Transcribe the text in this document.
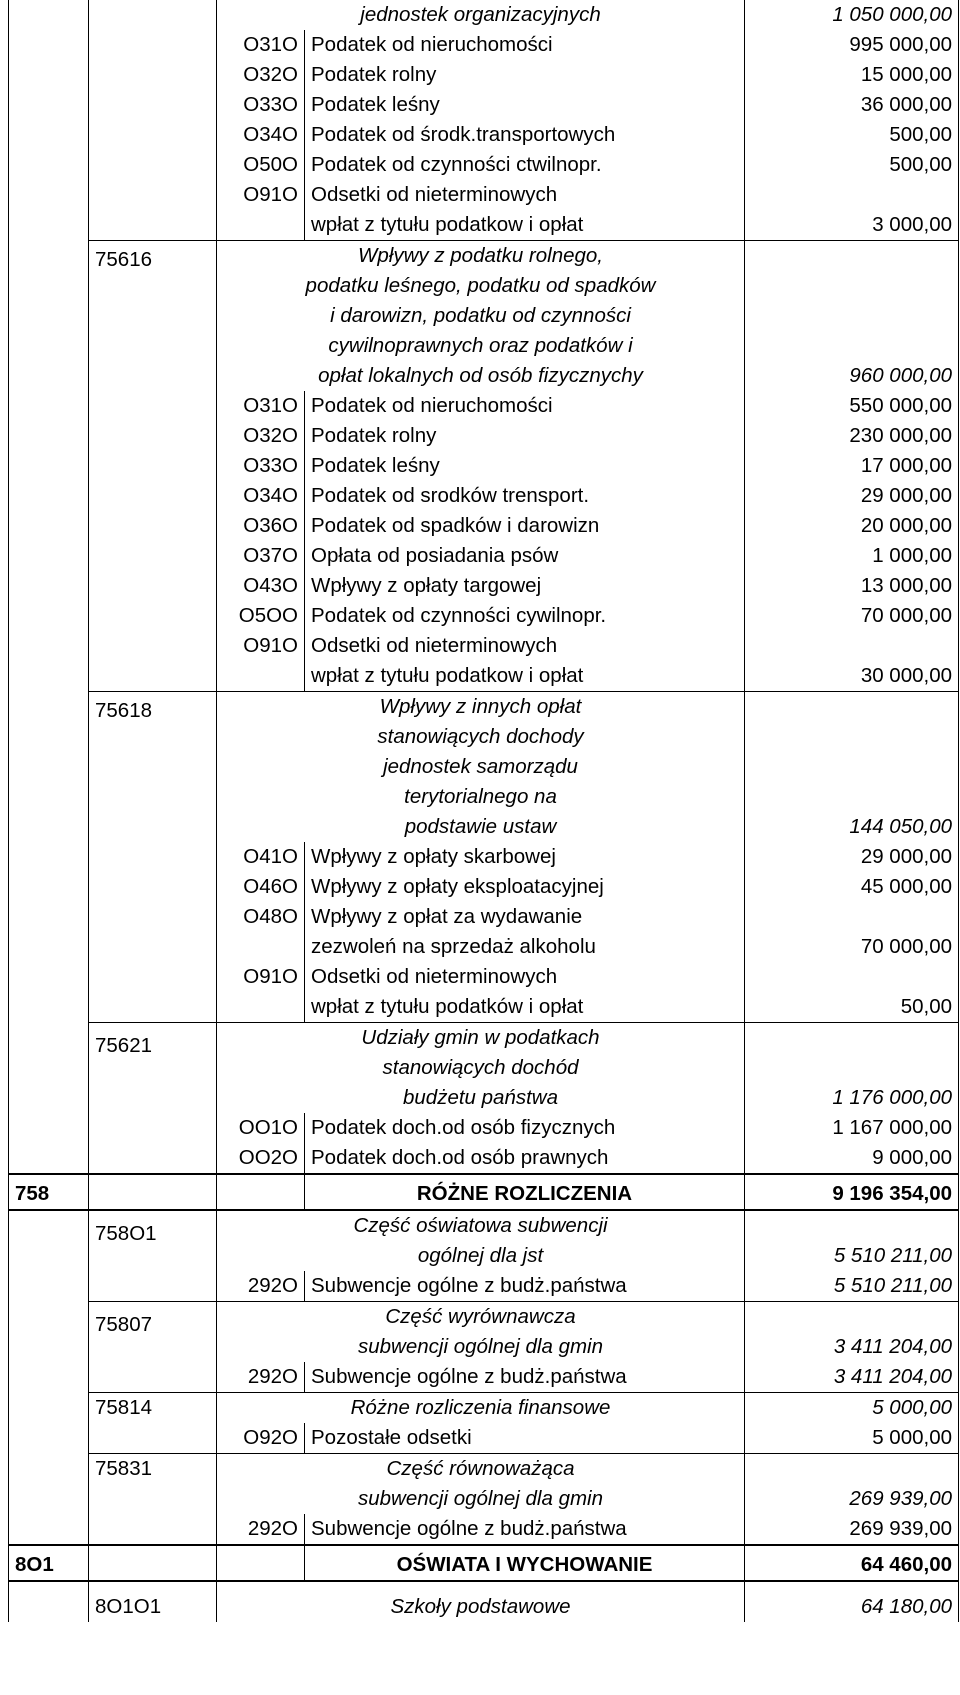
		jednostek organizacyjnych		1 050 000,00
		O31O	Podatek od nieruchomości	995 000,00
		O32O	Podatek rolny	15 000,00
		O33O	Podatek leśny	36 000,00
		O34O	Podatek od środk.transportowych	500,00
		O50O	Podatek od czynności ctwilnopr.	500,00
		O91O	Odsetki od nieterminowych
wpłat z tytułu podatkow i opłat	3 000,00
	75616	Wpływy z podatku rolnego,
podatku leśnego, podatku od spadków
i darowizn, podatku od czynności
cywilnoprawnych oraz podatków i
opłat lokalnych od osób fizycznychy		960 000,00
		O31O	Podatek od nieruchomości	550 000,00
		O32O	Podatek rolny	230 000,00
		O33O	Podatek leśny	17 000,00
		O34O	Podatek od srodków trensport.	29 000,00
		O36O	Podatek od spadków i darowizn	20 000,00
		O37O	Opłata od posiadania psów	1 000,00
		O43O	Wpływy z opłaty targowej	13 000,00
		O5OO	Podatek od czynności cywilnopr.	70 000,00
		O91O	Odsetki od nieterminowych
wpłat z tytułu podatkow i opłat	30 000,00
	75618	Wpływy z innych opłat
stanowiących dochody
jednostek samorządu
terytorialnego na
podstawie ustaw		144 050,00
		O41O	Wpływy z opłaty skarbowej	29 000,00
		O46O	Wpływy z opłaty eksploatacyjnej	45 000,00
		O48O	Wpływy z opłat za wydawanie
zezwoleń na sprzedaż alkoholu	70 000,00
		O91O	Odsetki od nieterminowych
wpłat z tytułu podatków i opłat	50,00
	75621	Udziały gmin w podatkach
stanowiących dochód
budżetu państwa		1 176 000,00
		OO1O	Podatek doch.od osób fizycznych	1 167 000,00
		OO2O	Podatek doch.od osób prawnych	9 000,00
758			RÓŻNE ROZLICZENIA	9 196 354,00
	758O1	Część oświatowa subwencji
ogólnej dla jst		5 510 211,00
		292O	Subwencje ogólne z budż.państwa	5 510 211,00
	75807	Część wyrównawcza
subwencji ogólnej dla gmin		3 411 204,00
		292O	Subwencje ogólne z budż.państwa	3 411 204,00
	75814	Różne rozliczenia finansowe		5 000,00
		O92O	Pozostałe odsetki	5 000,00
	75831	Część równoważąca
subwencji ogólnej dla gmin		269 939,00
		292O	Subwencje ogólne z budż.państwa	269 939,00
8O1			OŚWIATA I WYCHOWANIE	64 460,00
	8O1O1	Szkoły podstawowe		64 180,00
